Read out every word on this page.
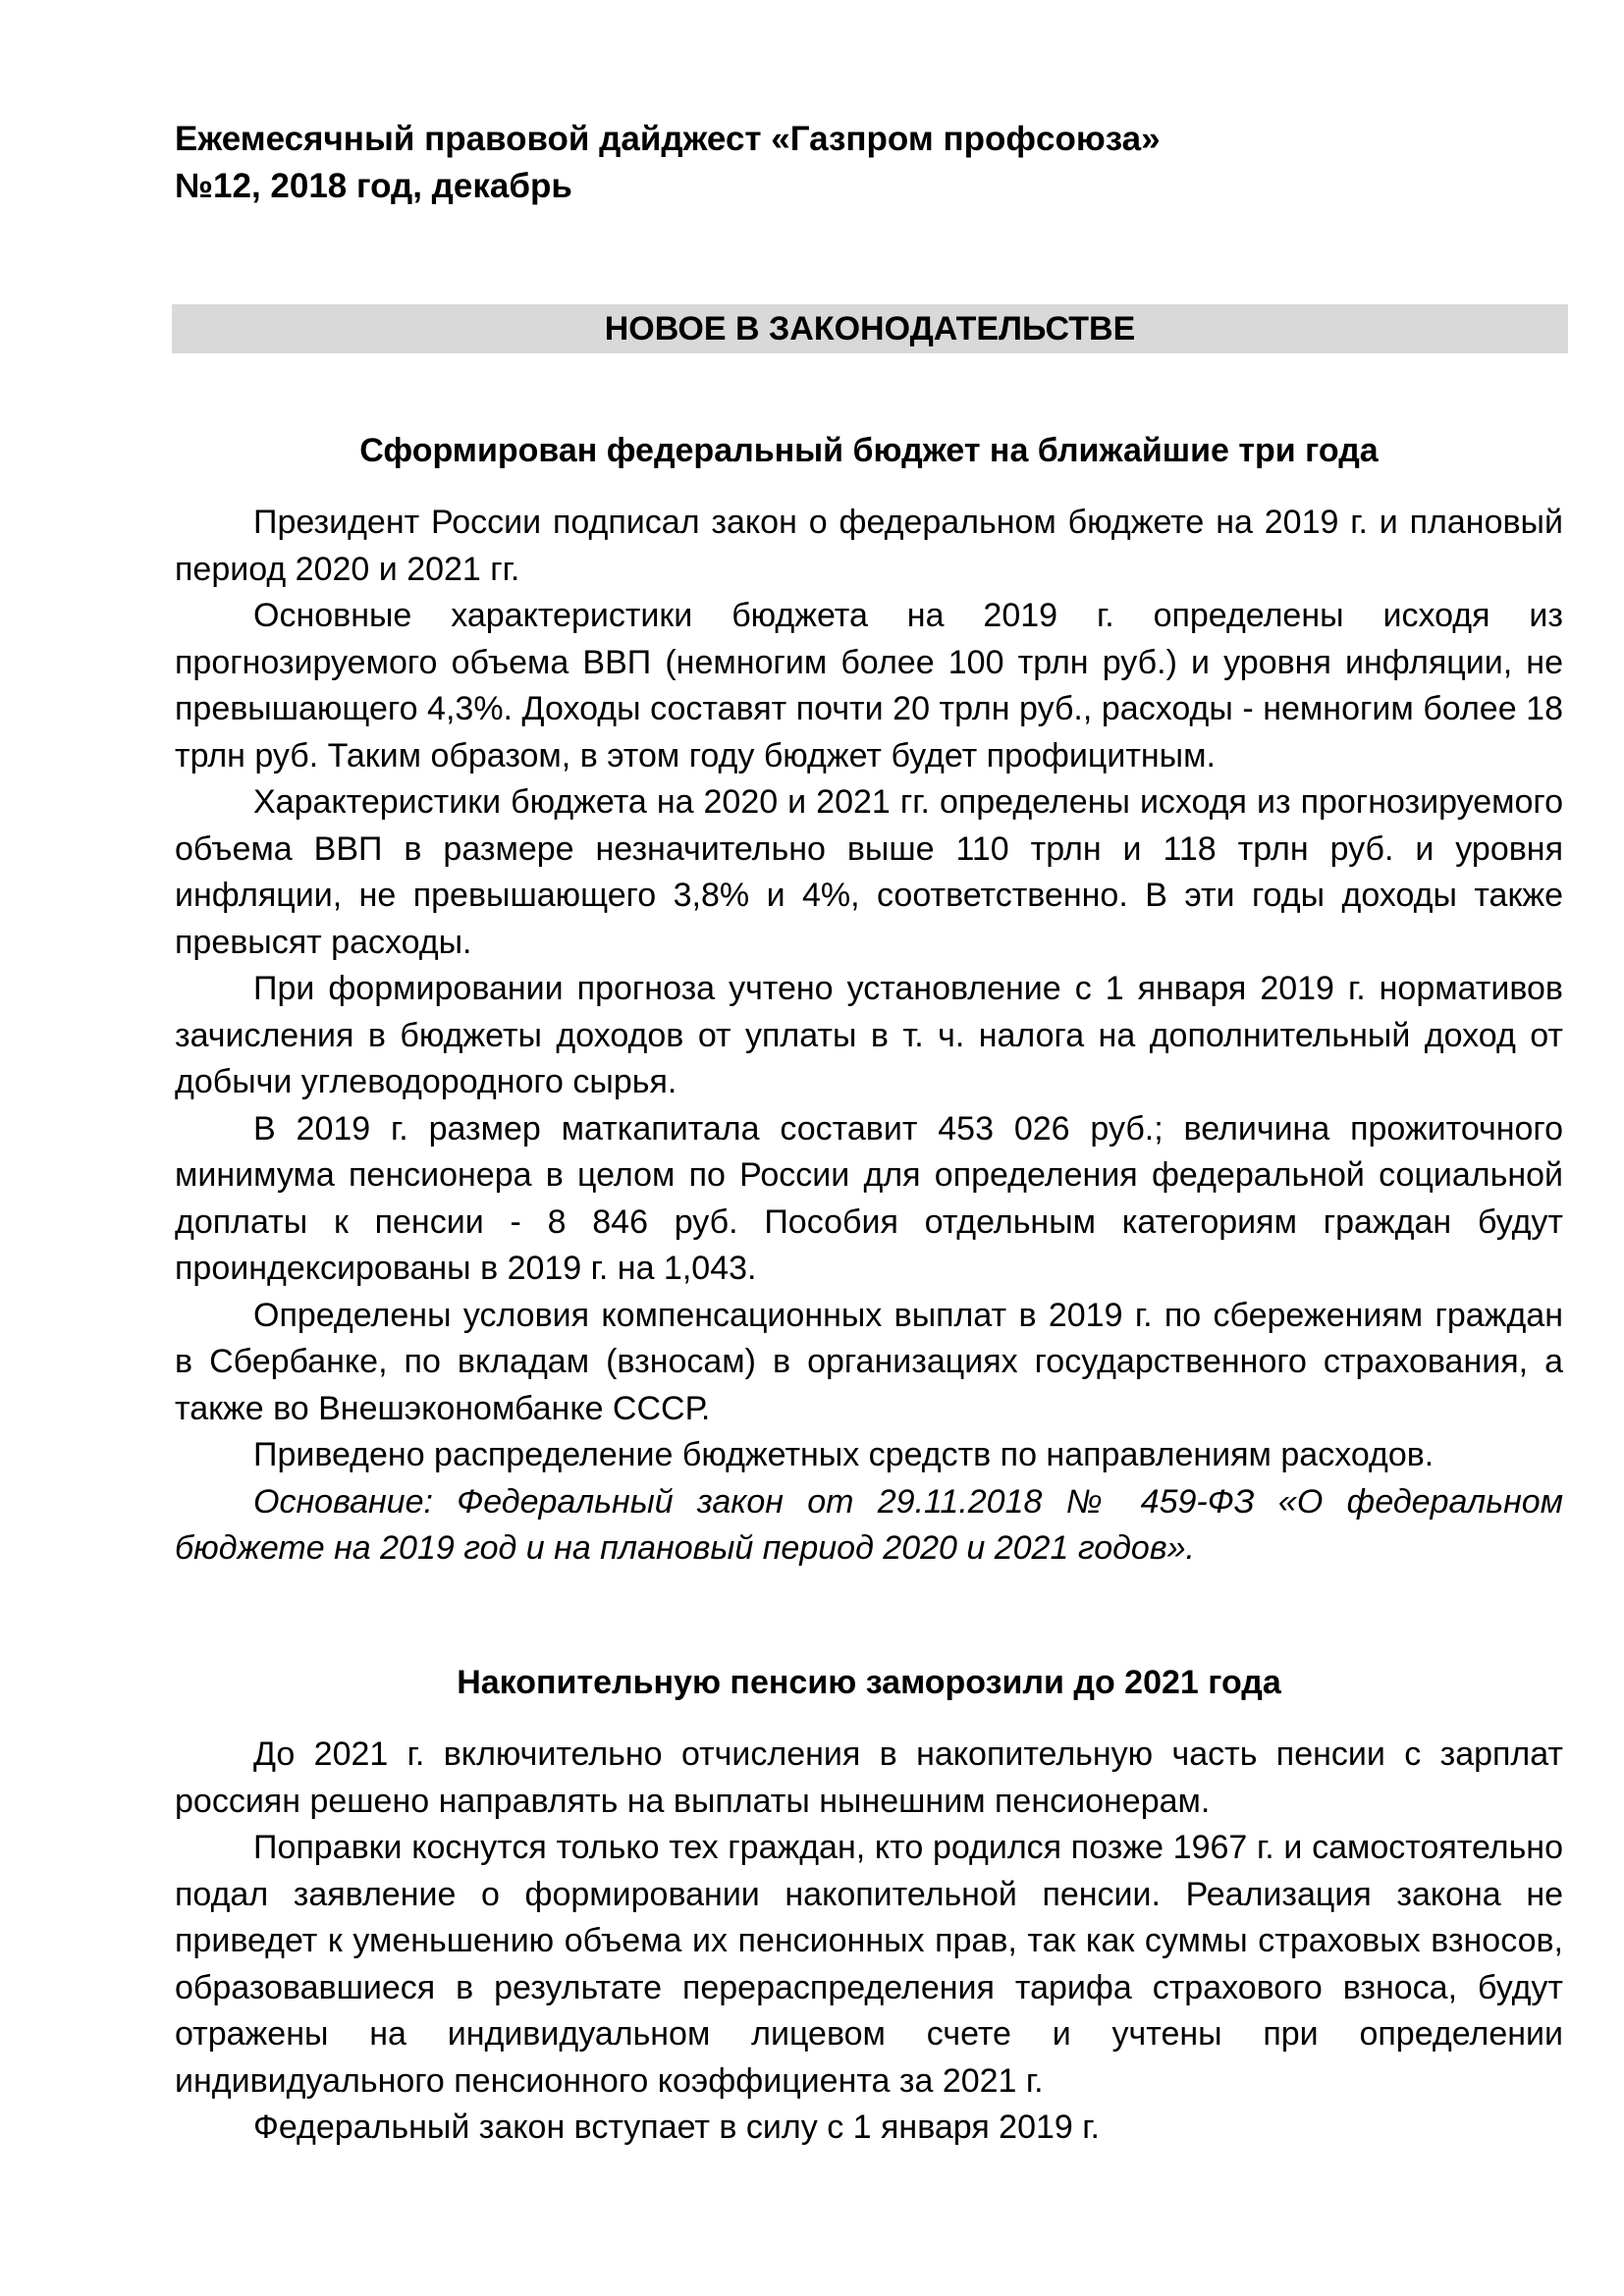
Ежемесячный правовой дайджест «Газпром профсоюза»
№12, 2018 год, декабрь
НОВОЕ В ЗАКОНОДАТЕЛЬСТВЕ
Сформирован федеральный бюджет на ближайшие три года

Президент России подписал закон о федеральном бюджете на 2019 г. и плановый период 2020 и 2021 гг.

Основные характеристики бюджета на 2019 г. определены исходя из прогнозируемого объема ВВП (немногим более 100 трлн руб.) и уровня инфляции, не превышающего 4,3%. Доходы составят почти 20 трлн руб., расходы - немногим более 18 трлн руб. Таким образом, в этом году бюджет будет профицитным.

Характеристики бюджета на 2020 и 2021 гг. определены исходя из прогнозируемого объема ВВП в размере незначительно выше 110 трлн и 118 трлн руб. и уровня инфляции, не превышающего 3,8% и 4%, соответственно. В эти годы доходы также превысят расходы.

При формировании прогноза учтено установление с 1 января 2019 г. нормативов зачисления в бюджеты доходов от уплаты в т. ч. налога на дополнительный доход от добычи углеводородного сырья.

В 2019 г. размер маткапитала составит 453 026 руб.; величина прожиточного минимума пенсионера в целом по России для определения федеральной социальной доплаты к пенсии - 8 846 руб. Пособия отдельным категориям граждан будут проиндексированы в 2019 г. на 1,043.

Определены условия компенсационных выплат в 2019 г. по сбережениям граждан в Сбербанке, по вкладам (взносам) в организациях государственного страхования, а также во Внешэкономбанке СССР.

Приведено распределение бюджетных средств по направлениям расходов.

Основание: Федеральный закон от 29.11.2018 № 459-ФЗ «О федеральном бюджете на 2019 год и на плановый период 2020 и 2021 годов».

Накопительную пенсию заморозили до 2021 года

До 2021 г. включительно отчисления в накопительную часть пенсии с зарплат россиян решено направлять на выплаты нынешним пенсионерам.

Поправки коснутся только тех граждан, кто родился позже 1967 г. и самостоятельно подал заявление о формировании накопительной пенсии. Реализация закона не приведет к уменьшению объема их пенсионных прав, так как суммы страховых взносов, образовавшиеся в результате перераспределения тарифа страхового взноса, будут отражены на индивидуальном лицевом счете и учтены при определении индивидуального пенсионного коэффициента за 2021 г.

Федеральный закон вступает в силу с 1 января 2019 г.
